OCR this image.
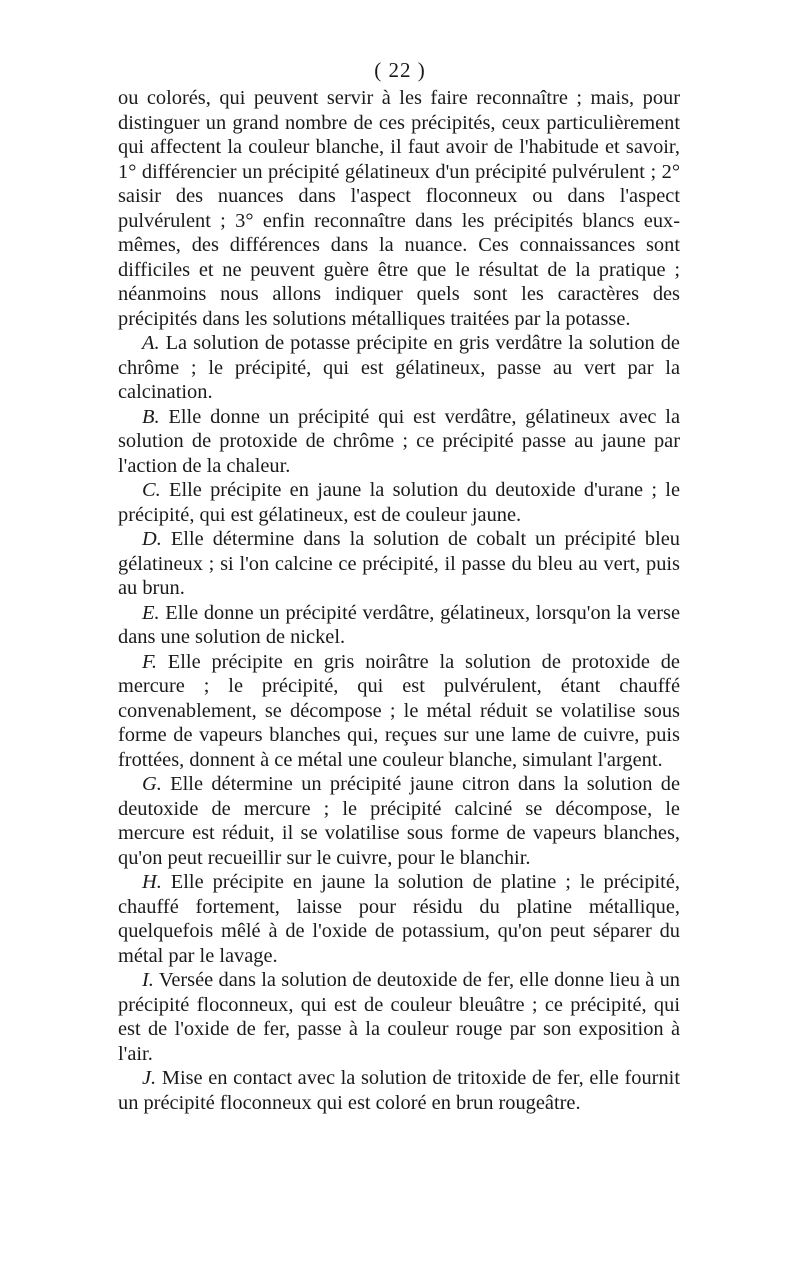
( 22 )

ou colorés, qui peuvent servir à les faire reconnaître ; mais, pour distinguer un grand nombre de ces précipités, ceux particulièrement qui affectent la couleur blanche, il faut avoir de l'habitude et savoir, 1° différencier un précipité gélatineux d'un précipité pulvérulent ; 2° saisir des nuances dans l'aspect floconneux ou dans l'aspect pulvérulent ; 3° enfin reconnaître dans les précipités blancs eux-mêmes, des différences dans la nuance. Ces connaissances sont difficiles et ne peuvent guère être que le résultat de la pratique ; néanmoins nous allons indiquer quels sont les caractères des précipités dans les solutions métalliques traitées par la potasse.

A. La solution de potasse précipite en gris verdâtre la solution de chrôme ; le précipité, qui est gélatineux, passe au vert par la calcination.

B. Elle donne un précipité qui est verdâtre, gélatineux avec la solution de protoxide de chrôme ; ce précipité passe au jaune par l'action de la chaleur.

C. Elle précipite en jaune la solution du deutoxide d'urane ; le précipité, qui est gélatineux, est de couleur jaune.

D. Elle détermine dans la solution de cobalt un précipité bleu gélatineux ; si l'on calcine ce précipité, il passe du bleu au vert, puis au brun.

E. Elle donne un précipité verdâtre, gélatineux, lorsqu'on la verse dans une solution de nickel.

F. Elle précipite en gris noirâtre la solution de protoxide de mercure ; le précipité, qui est pulvérulent, étant chauffé convenablement, se décompose ; le métal réduit se volatilise sous forme de vapeurs blanches qui, reçues sur une lame de cuivre, puis frottées, donnent à ce métal une couleur blanche, simulant l'argent.

G. Elle détermine un précipité jaune citron dans la solution de deutoxide de mercure ; le précipité calciné se décompose, le mercure est réduit, il se volatilise sous forme de vapeurs blanches, qu'on peut recueillir sur le cuivre, pour le blanchir.

H. Elle précipite en jaune la solution de platine ; le précipité, chauffé fortement, laisse pour résidu du platine métallique, quelquefois mêlé à de l'oxide de potassium, qu'on peut séparer du métal par le lavage.

I. Versée dans la solution de deutoxide de fer, elle donne lieu à un précipité floconneux, qui est de couleur bleuâtre ; ce précipité, qui est de l'oxide de fer, passe à la couleur rouge par son exposition à l'air.

J. Mise en contact avec la solution de tritoxide de fer, elle fournit un précipité floconneux qui est coloré en brun rougeâtre.
